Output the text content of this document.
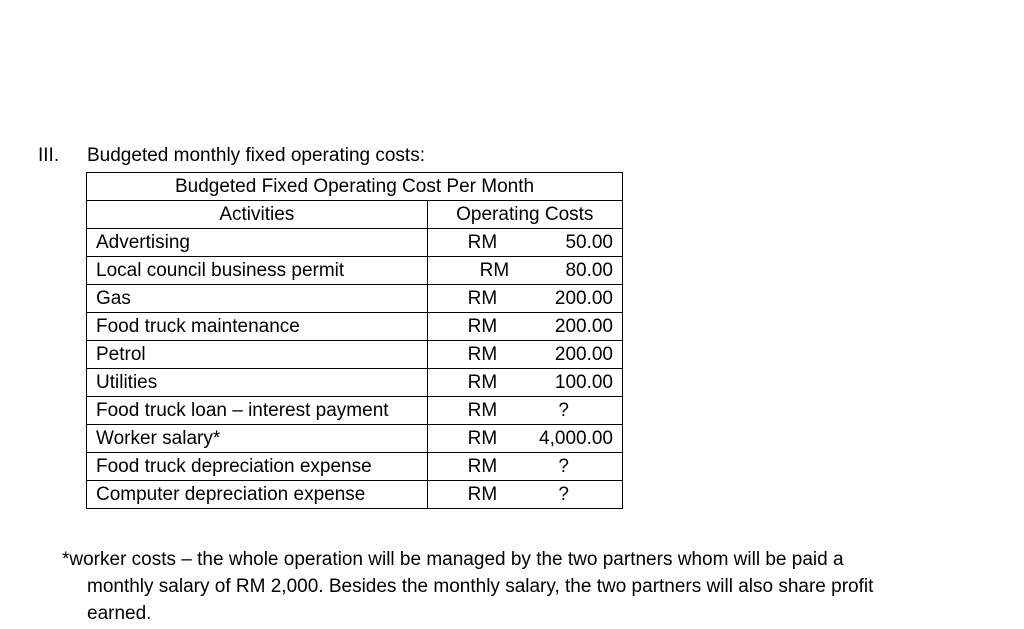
III. Budgeted monthly fixed operating costs:
Budgeted Fixed Operating Cost Per Month	
Activities	Operating Costs
Advertising	RM 50.00

Local council business permit	RM 80.00

Gas	RM 200.00

Food truck maintenance	RM 200.00

Petrol	RM 200.00

Utilities	RM 100.00

Food truck loan – interest payment	RM ?

Worker salary*	RM 4,000.00

Food truck depreciation expense	RM ?

Computer depreciation expense	RM ?
*worker costs – the whole operation will be managed by the two partners whom will be paid a
monthly salary of RM 2,000. Besides the monthly salary, the two partners will also share profit
earned.
